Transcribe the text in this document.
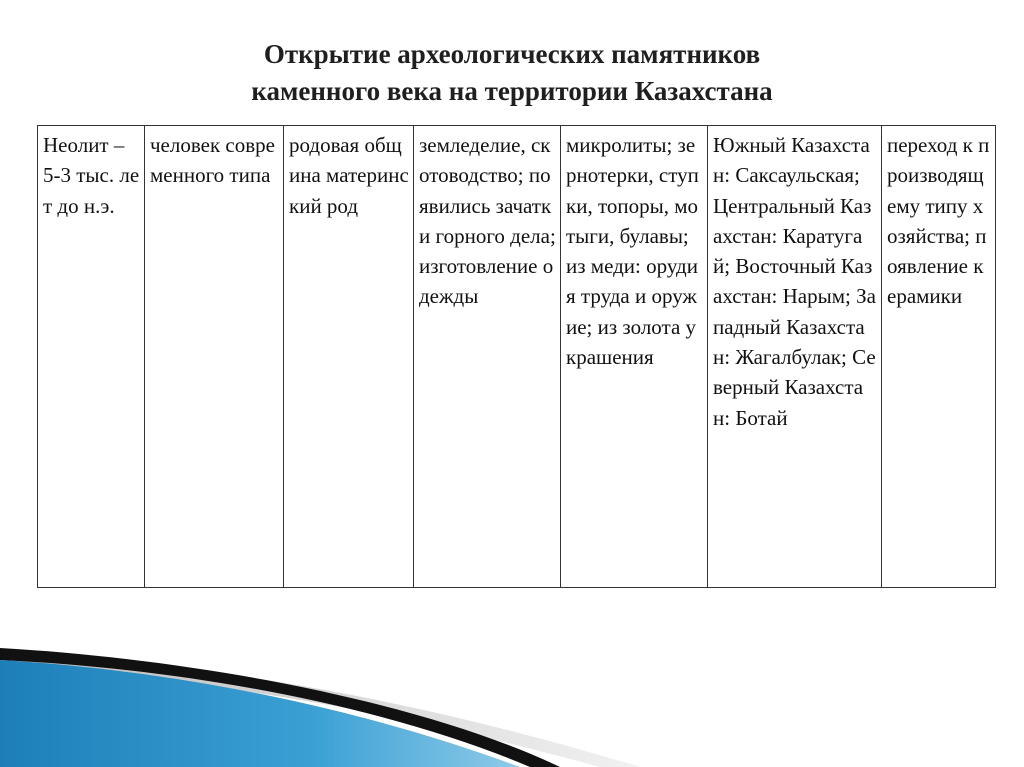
Открытие археологических памятников
каменного века на территории Казахстана
Неолит – 5-3 тыс. лет до н.э.	человек современного типа	родовая община материнский род	земледелие, скотоводство; появились зачатки горного дела; изготовление одежды	микролиты; зернотерки, ступки, топоры, мотыги, булавы; из меди: орудия труда и оружие; из золота украшения	Южный Казахстан: Саксаульская; Центральный Казахстан: Каратугай; Восточный Казахстан: Нарым; Западный Казахстан: Жагалбулак; Северный Казахстан: Ботай	переход к производящему типу хозяйства; появление керамики
